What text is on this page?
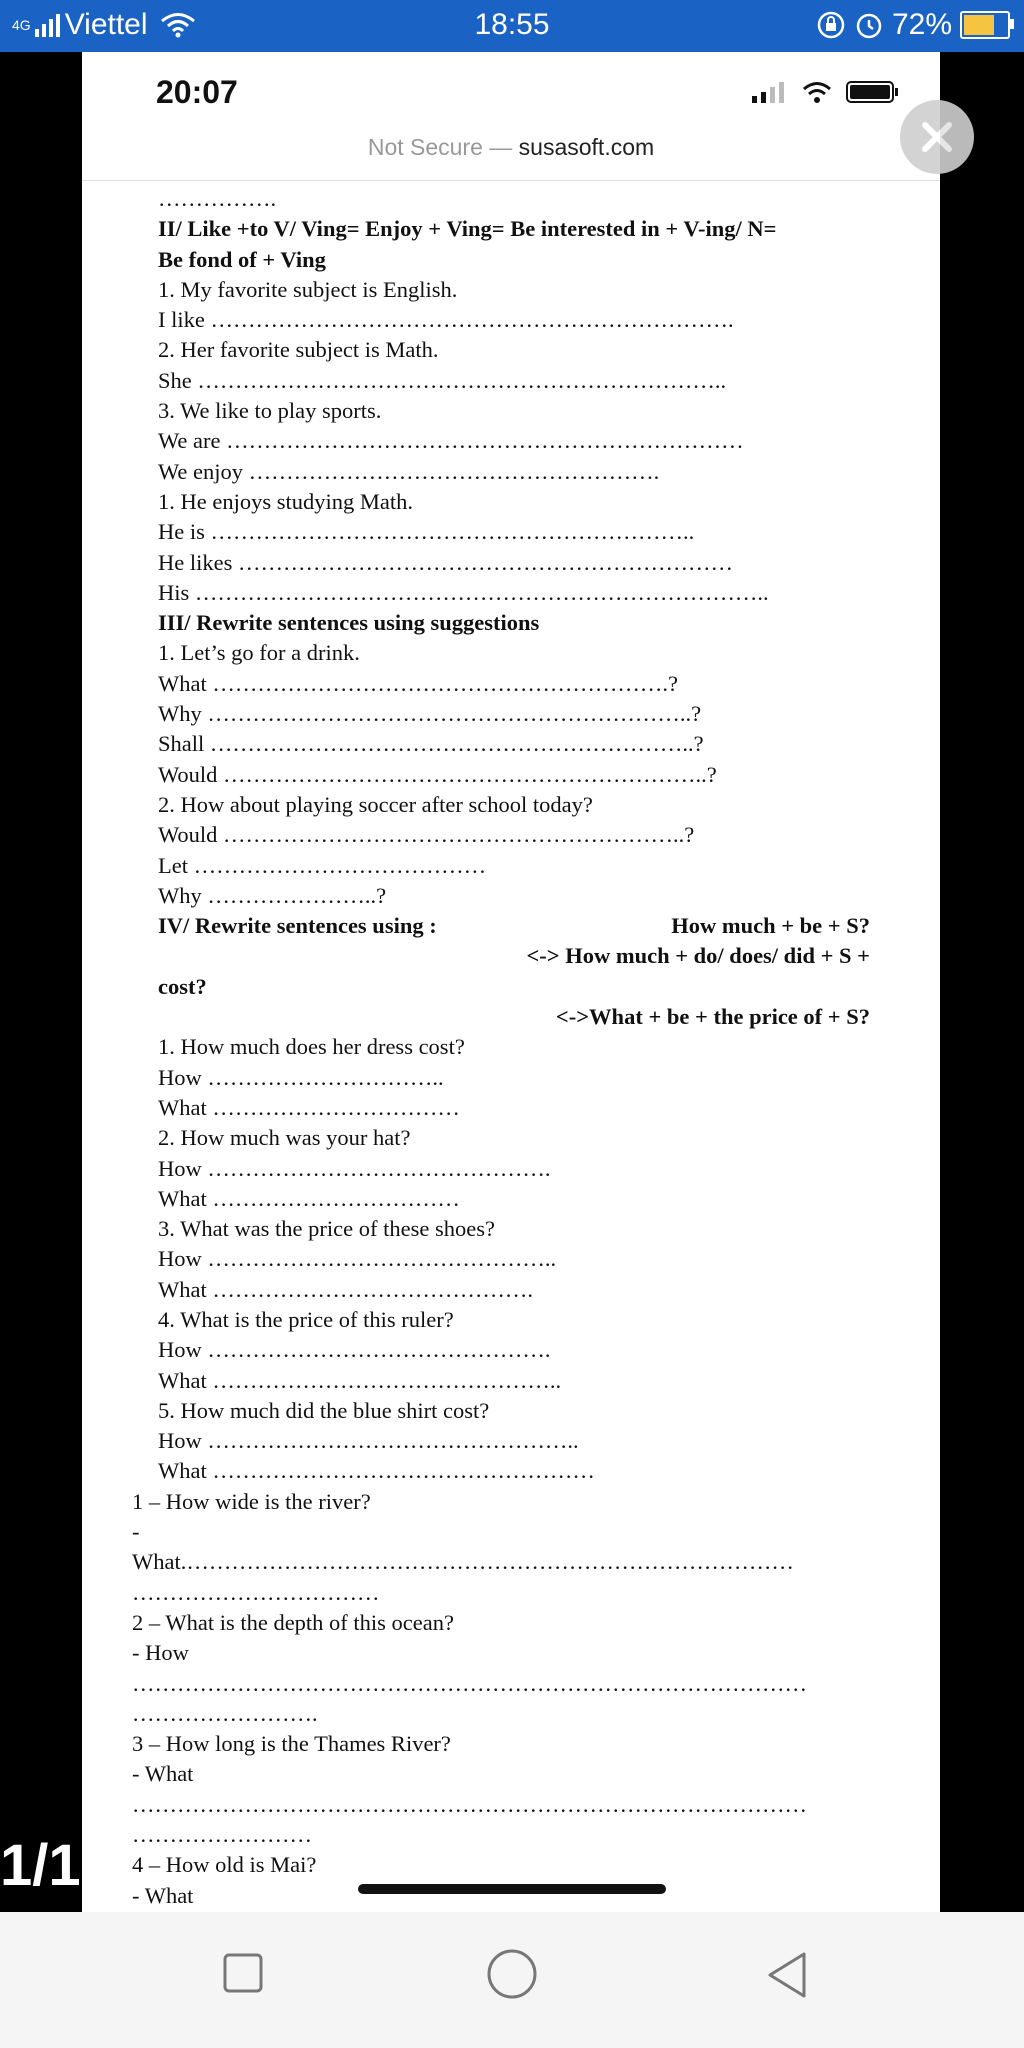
4G Viettel	18:55	72%
20:07
Not Secure — susasoft.com
…………….
II/ Like +to V/ Ving= Enjoy + Ving= Be interested in + V-ing/ N=
Be fond of + Ving
1. My favorite subject is English.
I like …………………………………………………………….
2. Her favorite subject is Math.
She ……………………………………………………………..
3. We like to play sports.
We are ……………………………………………………………
We enjoy ……………………………………………….
1. He enjoys studying Math.
He is ………………………………………………………..
He likes …………………………………………………………
His …………………………………………………………………..
III/ Rewrite sentences using suggestions
1. Let’s go for a drink.
What …………………………………………………….?
Why ………………………………………………………..?
Shall ………………………………………………………..?
Would ………………………………………………………..?
2. How about playing soccer after school today?
Would ……………………………………………………..?
Let …………………………………
Why …………………..?
IV/ Rewrite sentences using :	How much + be + S?
<-> How much + do/ does/ did + S +
cost?
<->What + be + the price of + S?
1. How much does her dress cost?
How …………………………..
What ……………………………
2. How much was your hat?
How ……………………………………….
What ……………………………
3. What was the price of these shoes?
How ………………………………………..
What …………………………………….
4. What is the price of this ruler?
How ……………………………………….
What ………………………………………..
5. How much did the blue shirt cost?
How …………………………………………..
What ……………………………………………
1 – How wide is the river?
-
What.………………………………………………………………………
……………………………
2 – What is the depth of this ocean?
- How
………………………………………………………………………………
…………………….
3 – How long is the Thames River?
- What
………………………………………………………………………………
……………………
4 – How old is Mai?
- What
1/1
